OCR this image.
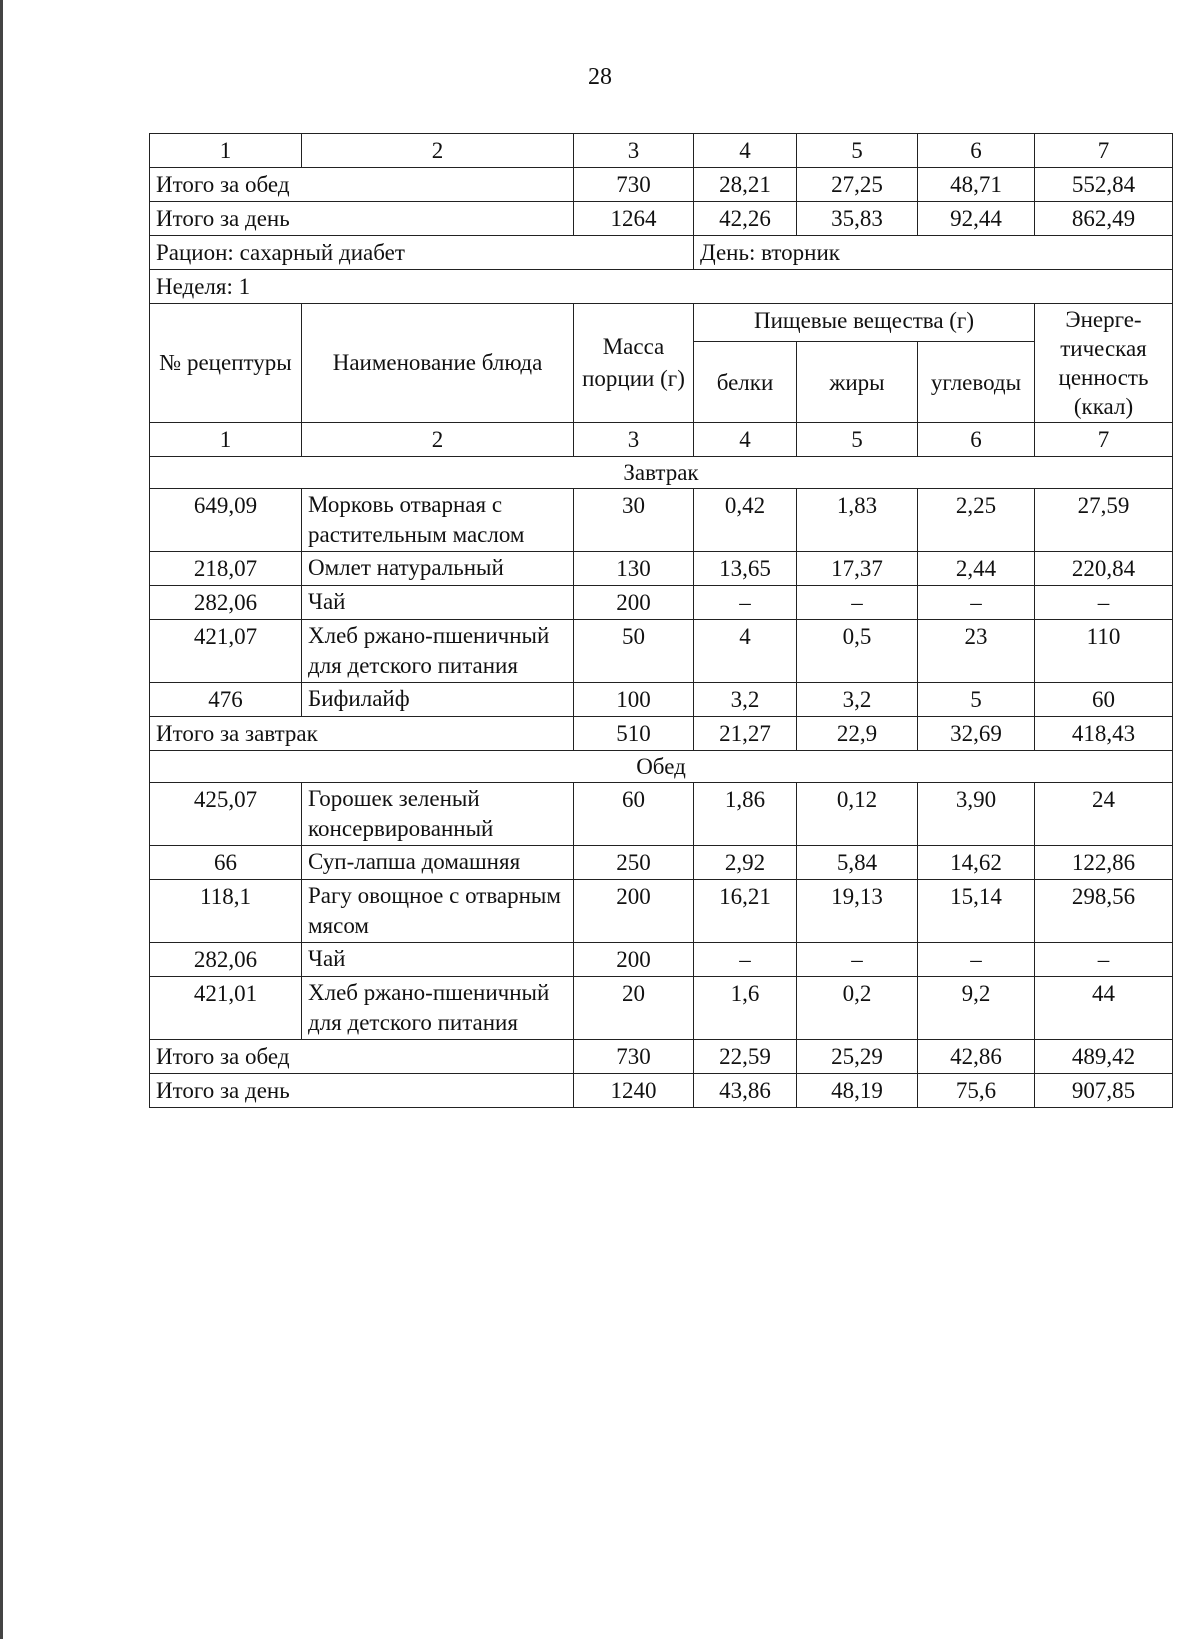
28
1	2	3	4	5	6	7
Итого за обед		730	28,21	27,25	48,71	552,84
Итого за день		1264	42,26	35,83	92,44	862,49
Рацион: сахарный диабет			День: вторник			
Неделя: 1						
№ рецептуры	Наименование блюда	Масса порции (г)	Пищевые вещества (г)			Энерге-тическая ценность (ккал)
			белки	жиры	углеводы	
1	2	3	4	5	6	7
Завтрак						
649,09	Морковь отварная с растительным маслом	30	0,42	1,83	2,25	27,59
218,07	Омлет натуральный	130	13,65	17,37	2,44	220,84
282,06	Чай	200	–	–	–	–
421,07	Хлеб ржано-пшеничный для детского питания	50	4	0,5	23	110
476	Бифилайф	100	3,2	3,2	5	60
Итого за завтрак		510	21,27	22,9	32,69	418,43
Обед						
425,07	Горошек зеленый консервированный	60	1,86	0,12	3,90	24
66	Суп-лапша домашняя	250	2,92	5,84	14,62	122,86
118,1	Рагу овощное с отварным мясом	200	16,21	19,13	15,14	298,56
282,06	Чай	200	–	–	–	–
421,01	Хлеб ржано-пшеничный для детского питания	20	1,6	0,2	9,2	44
Итого за обед		730	22,59	25,29	42,86	489,42
Итого за день		1240	43,86	48,19	75,6	907,85
